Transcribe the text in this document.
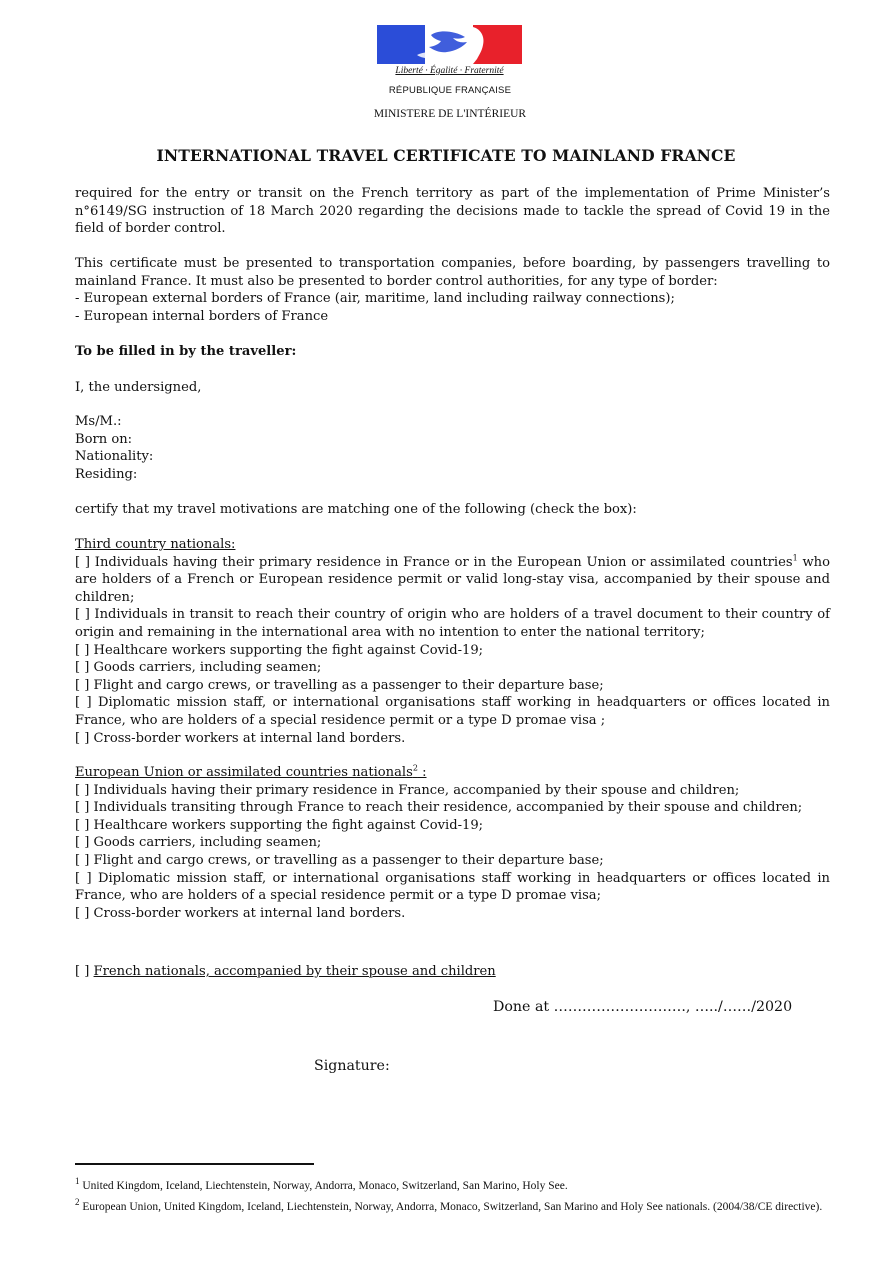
Liberté · Égalité · Fraternité
RÉPUBLIQUE FRANÇAISE
MINISTERE DE L'INTÉRIEUR
INTERNATIONAL TRAVEL CERTIFICATE TO MAINLAND FRANCE
required for the entry or transit on the French territory as part of the implementation of Prime Minister’s n°6149/SG instruction of 18 March 2020 regarding the decisions made to tackle the spread of Covid 19 in the field of border control.
This certificate must be presented to transportation companies, before boarding, by passengers travelling to mainland France. It must also be presented to border control authorities, for any type of border:
- European external borders of France (air, maritime, land including railway connections);
- European internal borders of France
To be filled in by the traveller:
I, the undersigned,
Ms/M.:
Born on:
Nationality:
Residing:
certify that my travel motivations are matching one of the following (check the box):
Third country nationals:
[ ] Individuals having their primary residence in France or in the European Union or assimilated countries$^1$ who are holders of a French or European residence permit or valid long-stay visa, accompanied by their spouse and children;
[ ] Individuals in transit to reach their country of origin who are holders of a travel document to their country of origin and remaining in the international area with no intention to enter the national territory;
[ ] Healthcare workers supporting the fight against Covid-19;
[ ] Goods carriers, including seamen;
[ ] Flight and cargo crews, or travelling as a passenger to their departure base;
[ ] Diplomatic mission staff, or international organisations staff working in headquarters or offices located in France, who are holders of a special residence permit or a type D promae visa ;
[ ] Cross-border workers at internal land borders.
European Union or assimilated countries nationals$^2$ :
[ ] Individuals having their primary residence in France, accompanied by their spouse and children;
[ ] Individuals transiting through France to reach their residence, accompanied by their spouse and children;
[ ] Healthcare workers supporting the fight against Covid-19;
[ ] Goods carriers, including seamen;
[ ] Flight and cargo crews, or travelling as a passenger to their departure base;
[ ] Diplomatic mission staff, or international organisations staff working in headquarters or offices located in France, who are holders of a special residence permit or a type D promae visa;
[ ] Cross-border workers at internal land borders.
[ ] French nationals, accompanied by their spouse and children
Done at ………………………., …../……/2020
Signature:
$^1$ United Kingdom, Iceland, Liechtenstein, Norway, Andorra, Monaco, Switzerland, San Marino, Holy See.
$^2$ European Union, United Kingdom, Iceland, Liechtenstein, Norway, Andorra, Monaco, Switzerland, San Marino and Holy See nationals. (2004/38/CE directive).
